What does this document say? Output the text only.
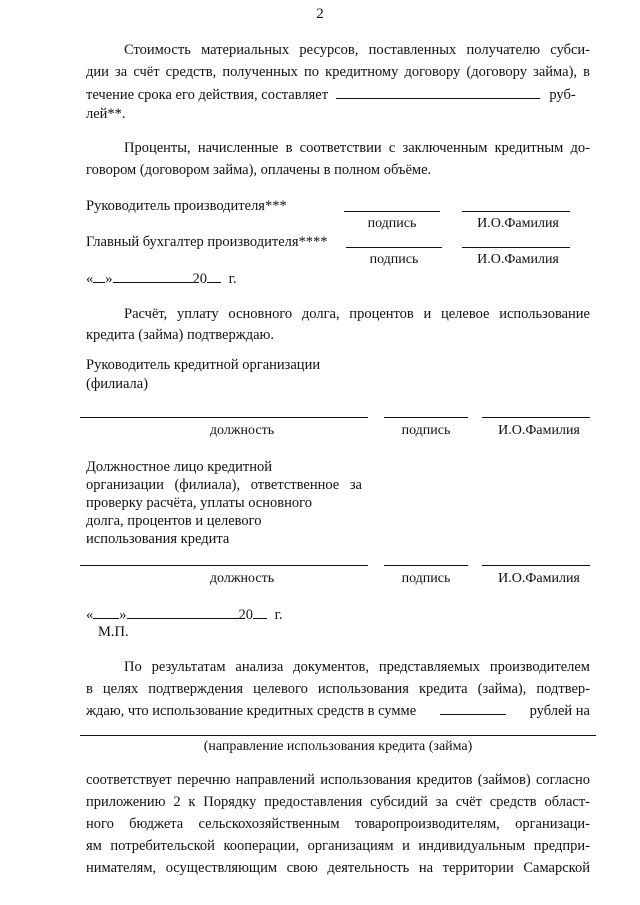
2
Стоимость материальных ресурсов, поставленных получателю субси-
дии за счёт средств, полученных по кредитному договору (договору займа), в
течение срока его действия, составляет	руб-
лей**.
Проценты, начисленные в соответствии с заключенным кредитным до-
говором (договором займа), оплачены в полном объёме.
Руководитель производителя***
подпись	И.О.Фамилия
Главный бухгалтер производителя****
подпись	И.О.Фамилия
« »	20 г.
Расчёт, уплату основного долга, процентов и целевое использование
кредита (займа) подтверждаю.
Руководитель кредитной организации
(филиала)
должность	подпись	И.О.Фамилия
Должностное лицо кредитной
организации (филиала), ответственное за
проверку расчёта, уплаты основного
долга, процентов и целевого
использования кредита
должность	подпись	И.О.Фамилия
« »	20 г.
М.П.
По результатам анализа документов, представляемых производителем
в целях подтверждения целевого использования кредита (займа), подтвер-
ждаю, что использование кредитных средств в сумме	рублей на
(направление использования кредита (займа)
соответствует перечню направлений использования кредитов (займов) согласно
приложению 2 к Порядку предоставления субсидий за счёт средств област-
ного бюджета сельскохозяйственным товаропроизводителям, организаци-
ям потребительской кооперации, организациям и индивидуальным предпри-
нимателям, осуществляющим свою деятельность на территории Самарской
